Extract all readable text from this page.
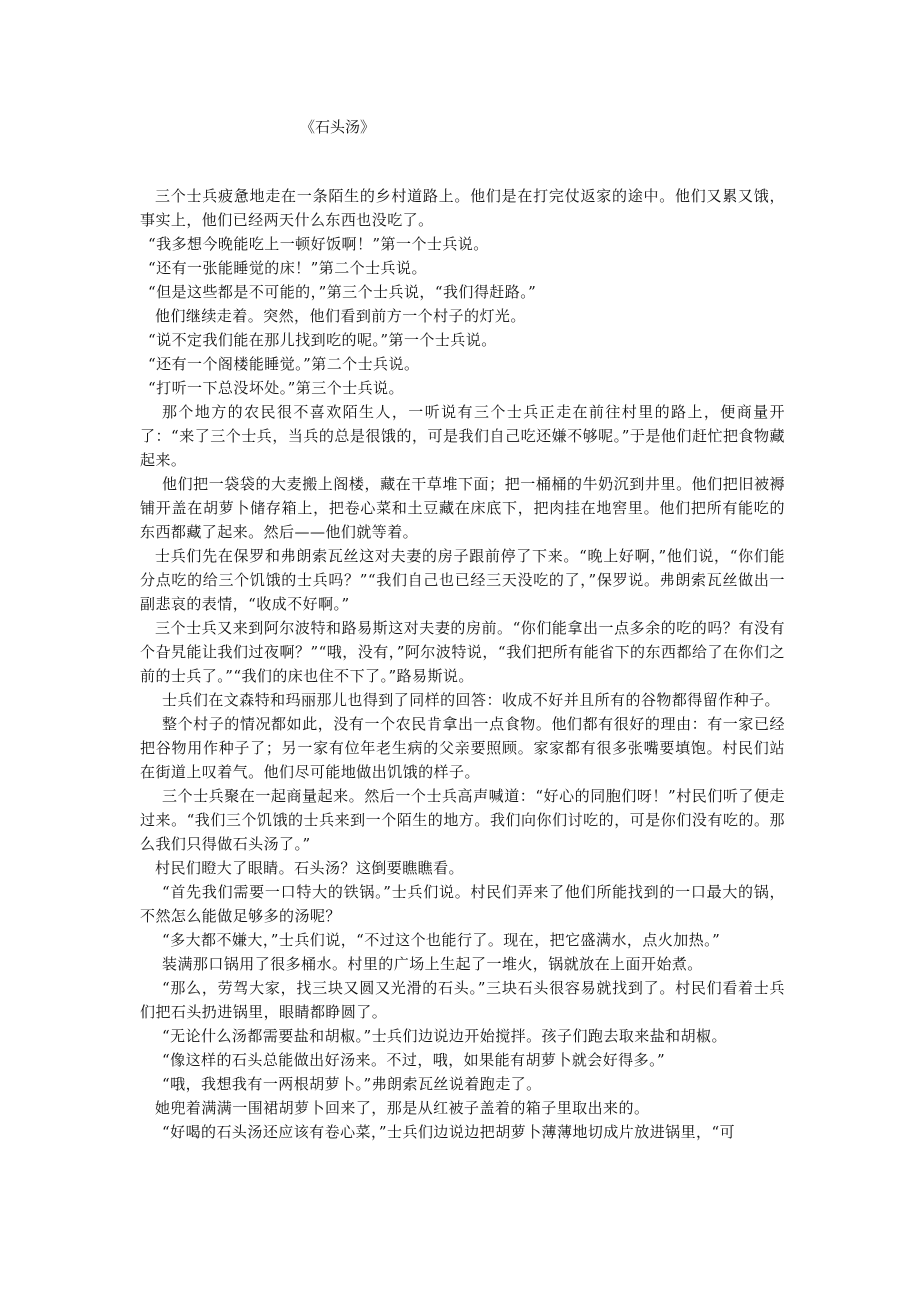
《石头汤》

三个士兵疲惫地走在一条陌生的乡村道路上。他们是在打完仗返家的途中。他们又累又饿，事实上，他们已经两天什么东西也没吃了。

“我多想今晚能吃上一顿好饭啊！”第一个士兵说。

“还有一张能睡觉的床！”第二个士兵说。

“但是这些都是不可能的，”第三个士兵说，“我们得赶路。”

他们继续走着。突然，他们看到前方一个村子的灯光。

“说不定我们能在那儿找到吃的呢。”第一个士兵说。

“还有一个阁楼能睡觉。”第二个士兵说。

“打听一下总没坏处。”第三个士兵说。

那个地方的农民很不喜欢陌生人，一听说有三个士兵正走在前往村里的路上，便商量开了：“来了三个士兵，当兵的总是很饿的，可是我们自己吃还嫌不够呢。”于是他们赶忙把食物藏起来。

他们把一袋袋的大麦搬上阁楼，藏在干草堆下面；把一桶桶的牛奶沉到井里。他们把旧被褥铺开盖在胡萝卜储存箱上，把卷心菜和土豆藏在床底下，把肉挂在地窖里。他们把所有能吃的东西都藏了起来。然后——他们就等着。

士兵们先在保罗和弗朗索瓦丝这对夫妻的房子跟前停了下来。“晚上好啊，”他们说，“你们能分点吃的给三个饥饿的士兵吗？”“我们自己也已经三天没吃的了，”保罗说。弗朗索瓦丝做出一副悲哀的表情，“收成不好啊。”

三个士兵又来到阿尔波特和路易斯这对夫妻的房前。“你们能拿出一点多余的吃的吗？有没有个旮旯能让我们过夜啊？”“哦，没有，”阿尔波特说，“我们把所有能省下的东西都给了在你们之前的士兵了。”“我们的床也住不下了。”路易斯说。

士兵们在文森特和玛丽那儿也得到了同样的回答：收成不好并且所有的谷物都得留作种子。

整个村子的情况都如此，没有一个农民肯拿出一点食物。他们都有很好的理由：有一家已经把谷物用作种子了；另一家有位年老生病的父亲要照顾。家家都有很多张嘴要填饱。村民们站在街道上叹着气。他们尽可能地做出饥饿的样子。

三个士兵聚在一起商量起来。然后一个士兵高声喊道：“好心的同胞们呀！”村民们听了便走过来。“我们三个饥饿的士兵来到一个陌生的地方。我们向你们讨吃的，可是你们没有吃的。那么我们只得做石头汤了。”

村民们瞪大了眼睛。石头汤？这倒要瞧瞧看。

“首先我们需要一口特大的铁锅。”士兵们说。村民们弄来了他们所能找到的一口最大的锅，不然怎么能做足够多的汤呢？

“多大都不嫌大，”士兵们说，“不过这个也能行了。现在，把它盛满水，点火加热。”

装满那口锅用了很多桶水。村里的广场上生起了一堆火，锅就放在上面开始煮。

“那么，劳驾大家，找三块又圆又光滑的石头。”三块石头很容易就找到了。村民们看着士兵们把石头扔进锅里，眼睛都睁圆了。

“无论什么汤都需要盐和胡椒。”士兵们边说边开始搅拌。孩子们跑去取来盐和胡椒。

“像这样的石头总能做出好汤来。不过，哦，如果能有胡萝卜就会好得多。”

“哦，我想我有一两根胡萝卜。”弗朗索瓦丝说着跑走了。

她兜着满满一围裙胡萝卜回来了，那是从红被子盖着的箱子里取出来的。

“好喝的石头汤还应该有卷心菜，”士兵们边说边把胡萝卜薄薄地切成片放进锅里，“可
